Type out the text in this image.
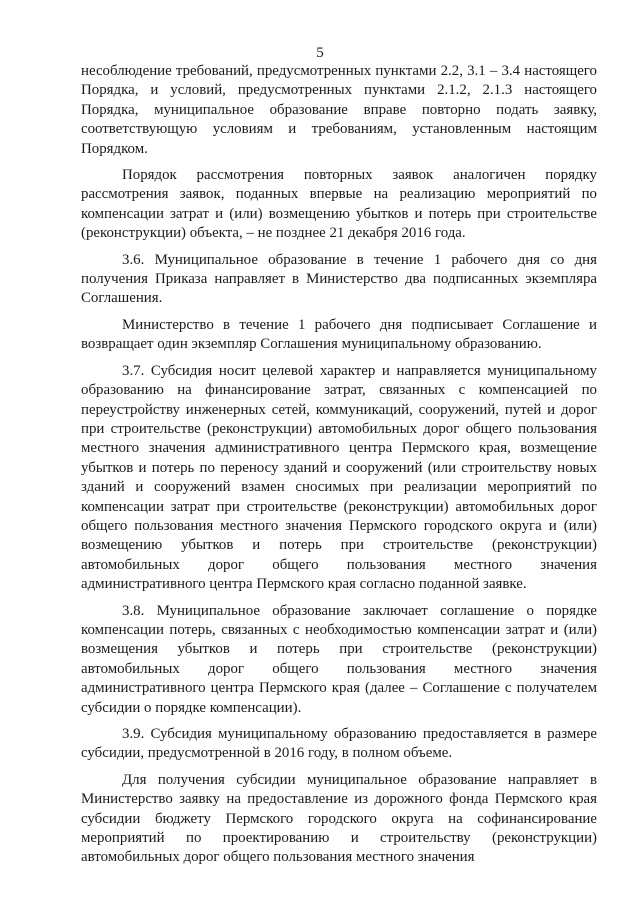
5

несоблюдение требований, предусмотренных пунктами 2.2, 3.1 – 3.4 настоящего Порядка, и условий, предусмотренных пунктами 2.1.2, 2.1.3 настоящего Порядка, муниципальное образование вправе повторно подать заявку, соответствующую условиям и требованиям, установленным настоящим Порядком.

Порядок рассмотрения повторных заявок аналогичен порядку рассмотрения заявок, поданных впервые на реализацию мероприятий по компенсации затрат и (или) возмещению убытков и потерь при строительстве (реконструкции) объекта, – не позднее 21 декабря 2016 года.

3.6. Муниципальное образование в течение 1 рабочего дня со дня получения Приказа направляет в Министерство два подписанных экземпляра Соглашения.

Министерство в течение 1 рабочего дня подписывает Соглашение и возвращает один экземпляр Соглашения муниципальному образованию.

3.7. Субсидия носит целевой характер и направляется муниципальному образованию на финансирование затрат, связанных с компенсацией по переустройству инженерных сетей, коммуникаций, сооружений, путей и дорог при строительстве (реконструкции) автомобильных дорог общего пользования местного значения административного центра Пермского края, возмещение убытков и потерь по переносу зданий и сооружений (или строительству новых зданий и сооружений взамен сносимых при реализации мероприятий по компенсации затрат при строительстве (реконструкции) автомобильных дорог общего пользования местного значения Пермского городского округа и (или) возмещению убытков и потерь при строительстве (реконструкции) автомобильных дорог общего пользования местного значения административного центра Пермского края согласно поданной заявке.

3.8. Муниципальное образование заключает соглашение о порядке компенсации потерь, связанных с необходимостью компенсации затрат и (или) возмещения убытков и потерь при строительстве (реконструкции) автомобильных дорог общего пользования местного значения административного центра Пермского края (далее – Соглашение с получателем субсидии о порядке компенсации).

3.9. Субсидия муниципальному образованию предоставляется в размере субсидии, предусмотренной в 2016 году, в полном объеме.

Для получения субсидии муниципальное образование направляет в Министерство заявку на предоставление из дорожного фонда Пермского края субсидии бюджету Пермского городского округа на софинансирование мероприятий по проектированию и строительству (реконструкции) автомобильных дорог общего пользования местного значения
